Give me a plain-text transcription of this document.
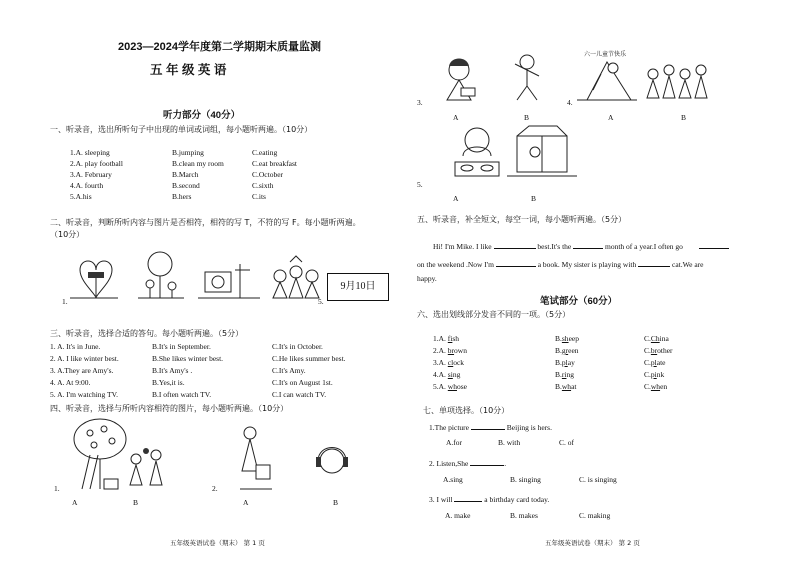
2023—2024学年度第二学期期末质量监测
五 年 级 英 语
听力部分（40分）
一、听录音，选出所听句子中出现的单词或词组，每小题听两遍。（10分）
1.A. sleeping	B.jumping	C.eating
2.A. play football	B.clean my room	C.eat breakfast
3.A. February	B.March	C.October
4.A. fourth	B.second	C.sixth
5.A.his	B.hers	C.its
二、听录音，判断所听内容与图片是否相符，相符的写 T，不符的写 F。每小题听两遍。
（10分）
1.	5.
9月10日
三、听录音，选择合适的答句。每小题听两遍。（5分）
1. A. It's in June.	B.It's in September.	C.It's in October.
2. A. I like winter best.	B.She likes winter best.	C.He likes summer best.
3. A.They are Amy's.	B.It's Amy's .	C.It's Amy.
4. A. At 9:00.	B.Yes,it is.	C.It's on August 1st.
5. A. I'm watching TV.	B.I often watch TV.	C.I can watch TV.
四、听录音，选择与所听内容相符的图片，每小题听两遍。（10分）
1.
A	B
2.
A	B
五年级英语试卷（期末） 第 1 页
六一儿童节快乐
3.
A	B
4.
A	B
5.
A	B
五、听录音，补全短文，每空一词，每小题听两遍。（5分）
Hi! I'm Mike. I like	best.It's the	month of a year.I often go
on the weekend .Now I'm	a book. My sister is playing with	cat.We are
happy.
笔试部分（60分）
六、选出划线部分发音不同的一项。（5分）
1.A. fish	B.sheep	C.China
2.A. brown	B.green	C.brother
3.A. clock	B.play	C.plate
4.A. sing	B.ring	C.pink
5.A. whose	B.what	C.when
七、单项选择。（10分）
1.The picture	Beijing is hers.
A.for	B. with	C. of
2. Listen,She	.
A.sing	B. singing	C. is singing
3. I will	a birthday card today.
A. make	B. makes	C. making
五年级英语试卷（期末） 第 2 页
